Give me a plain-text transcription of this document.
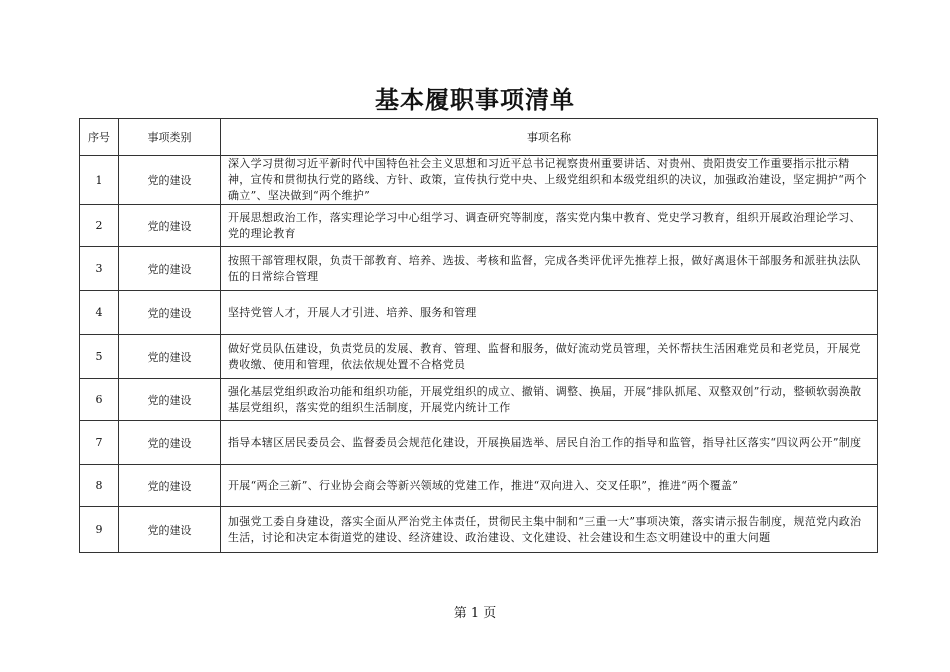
基本履职事项清单
序号	事项类别	事项名称
1	党的建设	深入学习贯彻习近平新时代中国特色社会主义思想和习近平总书记视察贵州重要讲话、对贵州、贵阳贵安工作重要指示批示精神，宣传和贯彻执行党的路线、方针、政策，宣传执行党中央、上级党组织和本级党组织的决议，加强政治建设，坚定拥护“两个确立”、坚决做到“两个维护”
2	党的建设	开展思想政治工作，落实理论学习中心组学习、调查研究等制度，落实党内集中教育、党史学习教育，组织开展政治理论学习、党的理论教育
3	党的建设	按照干部管理权限，负责干部教育、培养、选拔、考核和监督，完成各类评优评先推荐上报，做好离退休干部服务和派驻执法队伍的日常综合管理
4	党的建设	坚持党管人才，开展人才引进、培养、服务和管理
5	党的建设	做好党员队伍建设，负责党员的发展、教育、管理、监督和服务，做好流动党员管理，关怀帮扶生活困难党员和老党员，开展党费收缴、使用和管理，依法依规处置不合格党员
6	党的建设	强化基层党组织政治功能和组织功能，开展党组织的成立、撤销、调整、换届，开展“排队抓尾、双整双创”行动，整顿软弱涣散基层党组织，落实党的组织生活制度，开展党内统计工作
7	党的建设	指导本辖区居民委员会、监督委员会规范化建设，开展换届选举、居民自治工作的指导和监管，指导社区落实“四议两公开”制度
8	党的建设	开展“两企三新”、行业协会商会等新兴领域的党建工作，推进“双向进入、交叉任职”，推进“两个覆盖”
9	党的建设	加强党工委自身建设，落实全面从严治党主体责任，贯彻民主集中制和“三重一大”事项决策，落实请示报告制度，规范党内政治生活，讨论和决定本街道党的建设、经济建设、政治建设、文化建设、社会建设和生态文明建设中的重大问题
第 1 页
